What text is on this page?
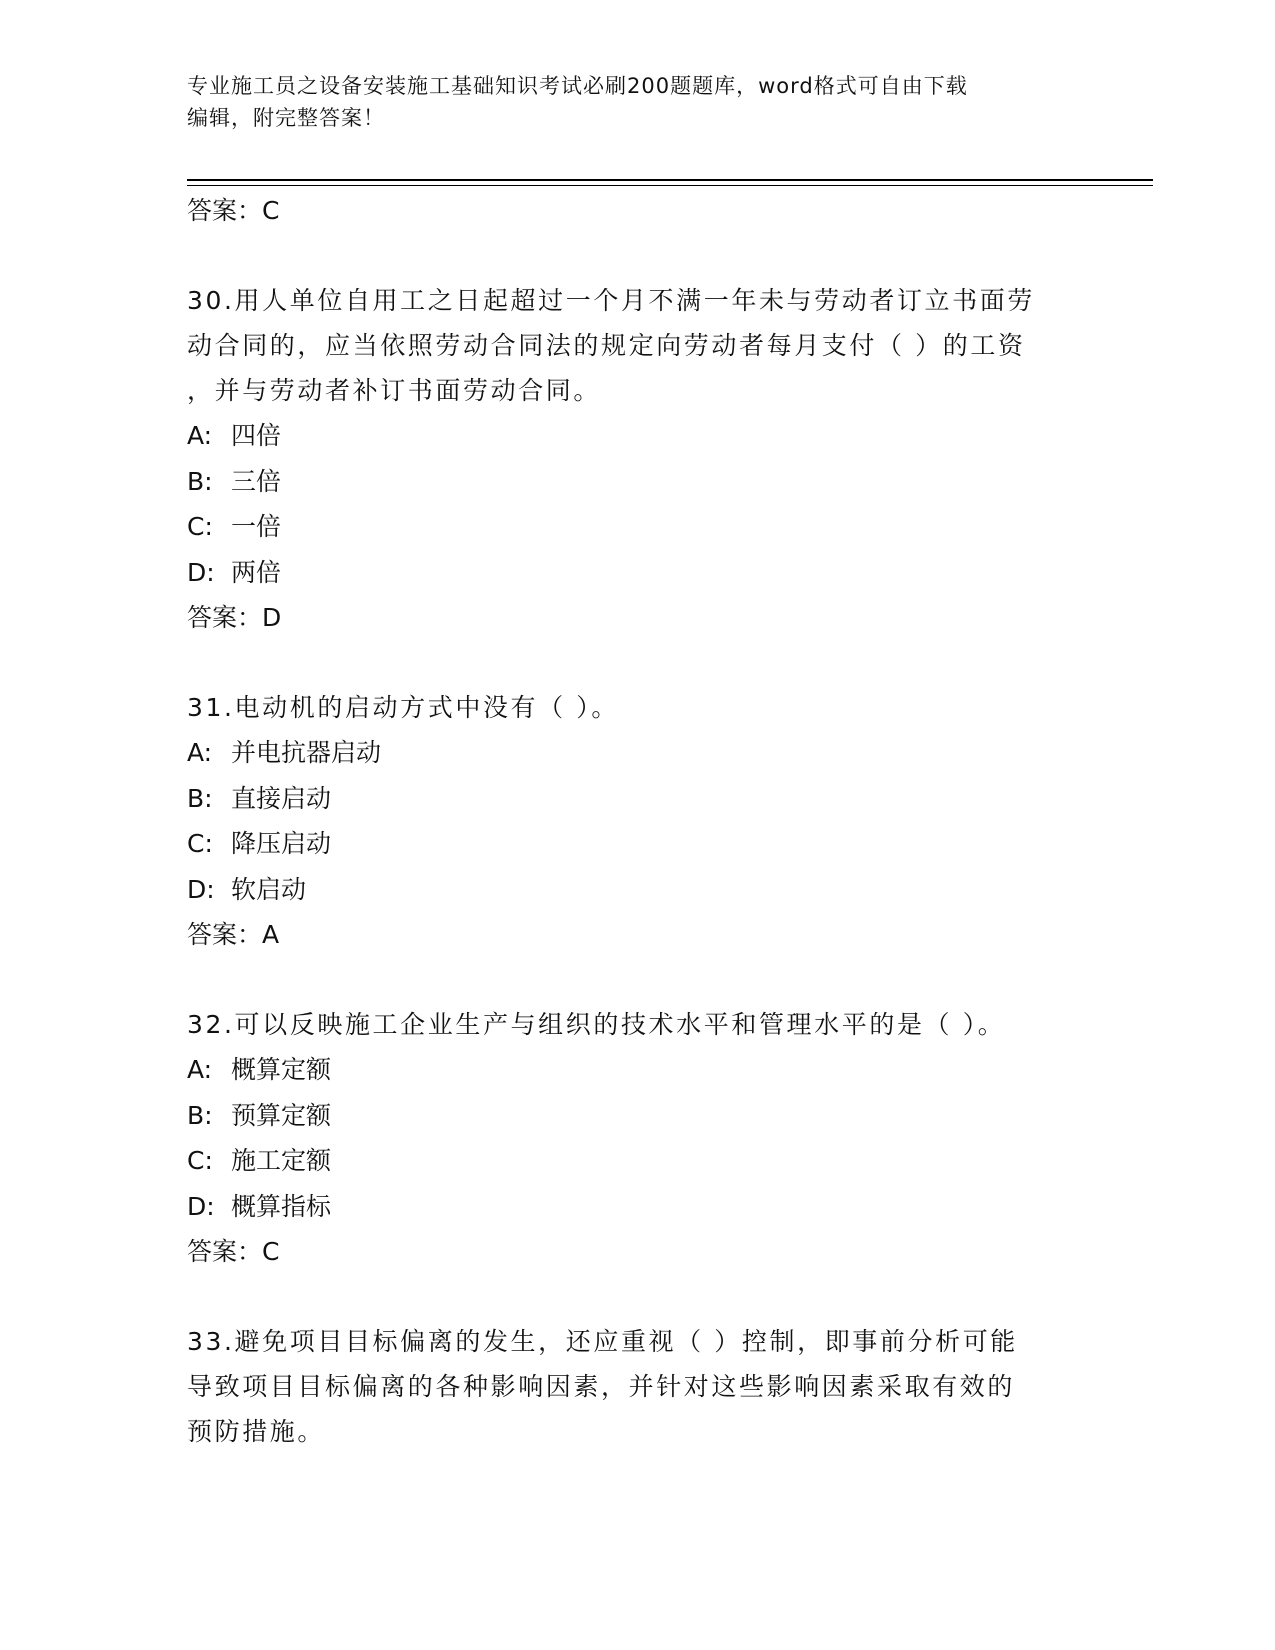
专业施工员之设备安装施工基础知识考试必刷200题题库，word格式可自由下载
编辑，附完整答案！
答案：C
30.用人单位自用工之日起超过一个月不满一年未与劳动者订立书面劳
动合同的，应当依照劳动合同法的规定向劳动者每月支付（ ）的工资
，并与劳动者补订书面劳动合同。
A: 四倍
B: 三倍
C: 一倍
D: 两倍
答案：D
31.电动机的启动方式中没有（ ）。
A: 并电抗器启动
B: 直接启动
C: 降压启动
D: 软启动
答案：A
32.可以反映施工企业生产与组织的技术水平和管理水平的是（ ）。
A: 概算定额
B: 预算定额
C: 施工定额
D: 概算指标
答案：C
33.避免项目目标偏离的发生，还应重视（ ）控制，即事前分析可能
导致项目目标偏离的各种影响因素，并针对这些影响因素采取有效的
预防措施。
